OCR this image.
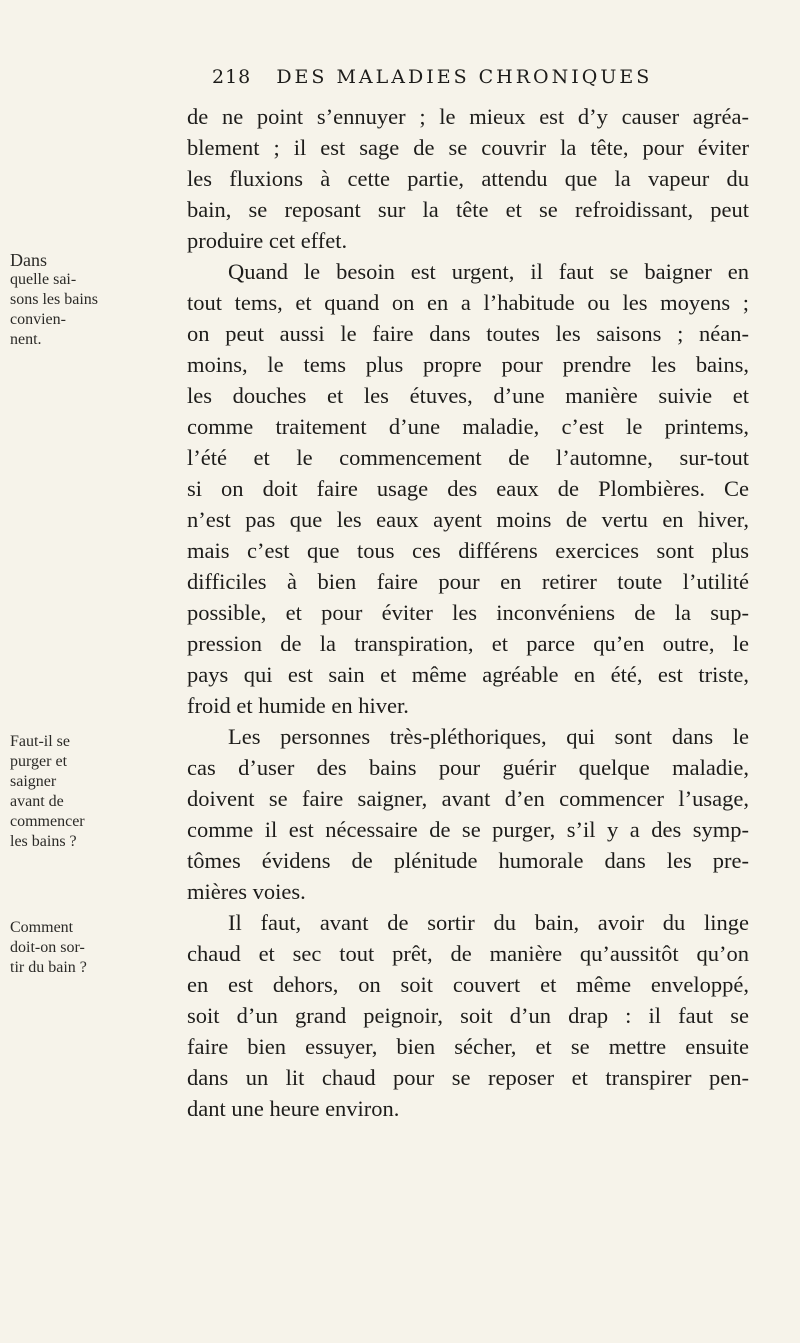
218 DES MALADIES CHRONIQUES
de ne point s’ennuyer ; le mieux est d’y causer agréa-
blement ; il est sage de se couvrir la tête, pour éviter
les fluxions à cette partie, attendu que la vapeur du
bain, se reposant sur la tête et se refroidissant, peut
produire cet effet.
Quand le besoin est urgent, il faut se baigner en
tout tems, et quand on en a l’habitude ou les moyens ;
on peut aussi le faire dans toutes les saisons ; néan-
moins, le tems plus propre pour prendre les bains,
les douches et les étuves, d’une manière suivie et
comme traitement d’une maladie, c’est le printems,
l’été et le commencement de l’automne, sur-tout
si on doit faire usage des eaux de Plombières. Ce
n’est pas que les eaux ayent moins de vertu en hiver,
mais c’est que tous ces différens exercices sont plus
difficiles à bien faire pour en retirer toute l’utilité
possible, et pour éviter les inconvéniens de la sup-
pression de la transpiration, et parce qu’en outre, le
pays qui est sain et même agréable en été, est triste,
froid et humide en hiver.
Les personnes très-pléthoriques, qui sont dans le
cas d’user des bains pour guérir quelque maladie,
doivent se faire saigner, avant d’en commencer l’usage,
comme il est nécessaire de se purger, s’il y a des symp-
tômes évidens de plénitude humorale dans les pre-
mières voies.
Il faut, avant de sortir du bain, avoir du linge
chaud et sec tout prêt, de manière qu’aussitôt qu’on
en est dehors, on soit couvert et même enveloppé,
soit d’un grand peignoir, soit d’un drap : il faut se
faire bien essuyer, bien sécher, et se mettre ensuite
dans un lit chaud pour se reposer et transpirer pen-
dant une heure environ.
Dans
quelle sai-
sons les bains
convien-
nent.
Faut-il se
purger et
saigner
avant de
commencer
les bains ?
Comment
doit-on sor-
tir du bain ?
